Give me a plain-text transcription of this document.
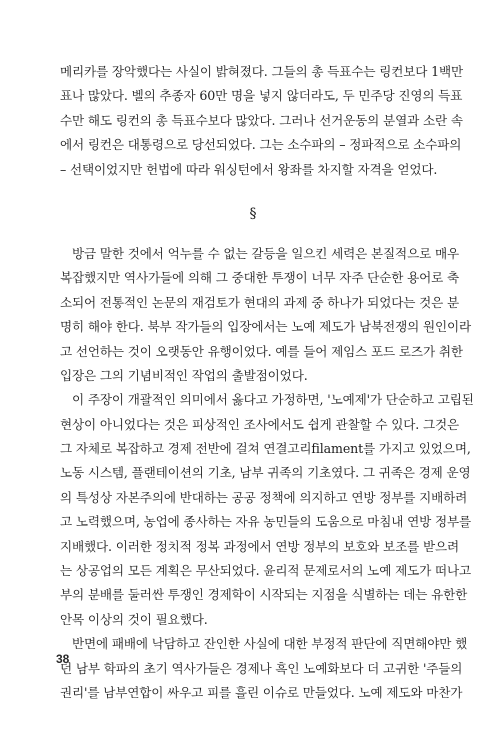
메리카를 장악했다는 사실이 밝혀졌다. 그들의 총 득표수는 링컨보다 1백만
표나 많았다. 벨의 추종자 60만 명을 넣지 않더라도, 두 민주당 진영의 득표
수만 해도 링컨의 총 득표수보다 많았다. 그러나 선거운동의 분열과 소란 속
에서 링컨은 대통령으로 당선되었다. 그는 소수파의 – 정파적으로 소수파의
– 선택이었지만 헌법에 따라 워싱턴에서 왕좌를 차지할 자격을 얻었다.
§
방금 말한 것에서 억누를 수 없는 갈등을 일으킨 세력은 본질적으로 매우
복잡했지만 역사가들에 의해 그 중대한 투쟁이 너무 자주 단순한 용어로 축
소되어 전통적인 논문의 재검토가 현대의 과제 중 하나가 되었다는 것은 분
명히 해야 한다. 북부 작가들의 입장에서는 노예 제도가 남북전쟁의 원인이라
고 선언하는 것이 오랫동안 유행이었다. 예를 들어 제임스 포드 로즈가 취한
입장은 그의 기념비적인 작업의 출발점이었다.
이 주장이 개괄적인 의미에서 옳다고 가정하면, '노예제'가 단순하고 고립된
현상이 아니었다는 것은 피상적인 조사에서도 쉽게 관찰할 수 있다. 그것은
그 자체로 복잡하고 경제 전반에 걸쳐 연결고리filament를 가지고 있었으며,
노동 시스템, 플랜테이션의 기초, 남부 귀족의 기초였다. 그 귀족은 경제 운영
의 특성상 자본주의에 반대하는 공공 정책에 의지하고 연방 정부를 지배하려
고 노력했으며, 농업에 종사하는 자유 농민들의 도움으로 마침내 연방 정부를
지배했다. 이러한 정치적 정복 과정에서 연방 정부의 보호와 보조를 받으려
는 상공업의 모든 계획은 무산되었다. 윤리적 문제로서의 노예 제도가 떠나고
부의 분배를 둘러싼 투쟁인 경제학이 시작되는 지점을 식별하는 데는 유한한
안목 이상의 것이 필요했다.
반면에 패배에 낙담하고 잔인한 사실에 대한 부정적 판단에 직면해야만 했
던 남부 학파의 초기 역사가들은 경제나 흑인 노예화보다 더 고귀한 '주들의
권리'를 남부연합이 싸우고 피를 흘린 이슈로 만들었다. 노예 제도와 마찬가
38
